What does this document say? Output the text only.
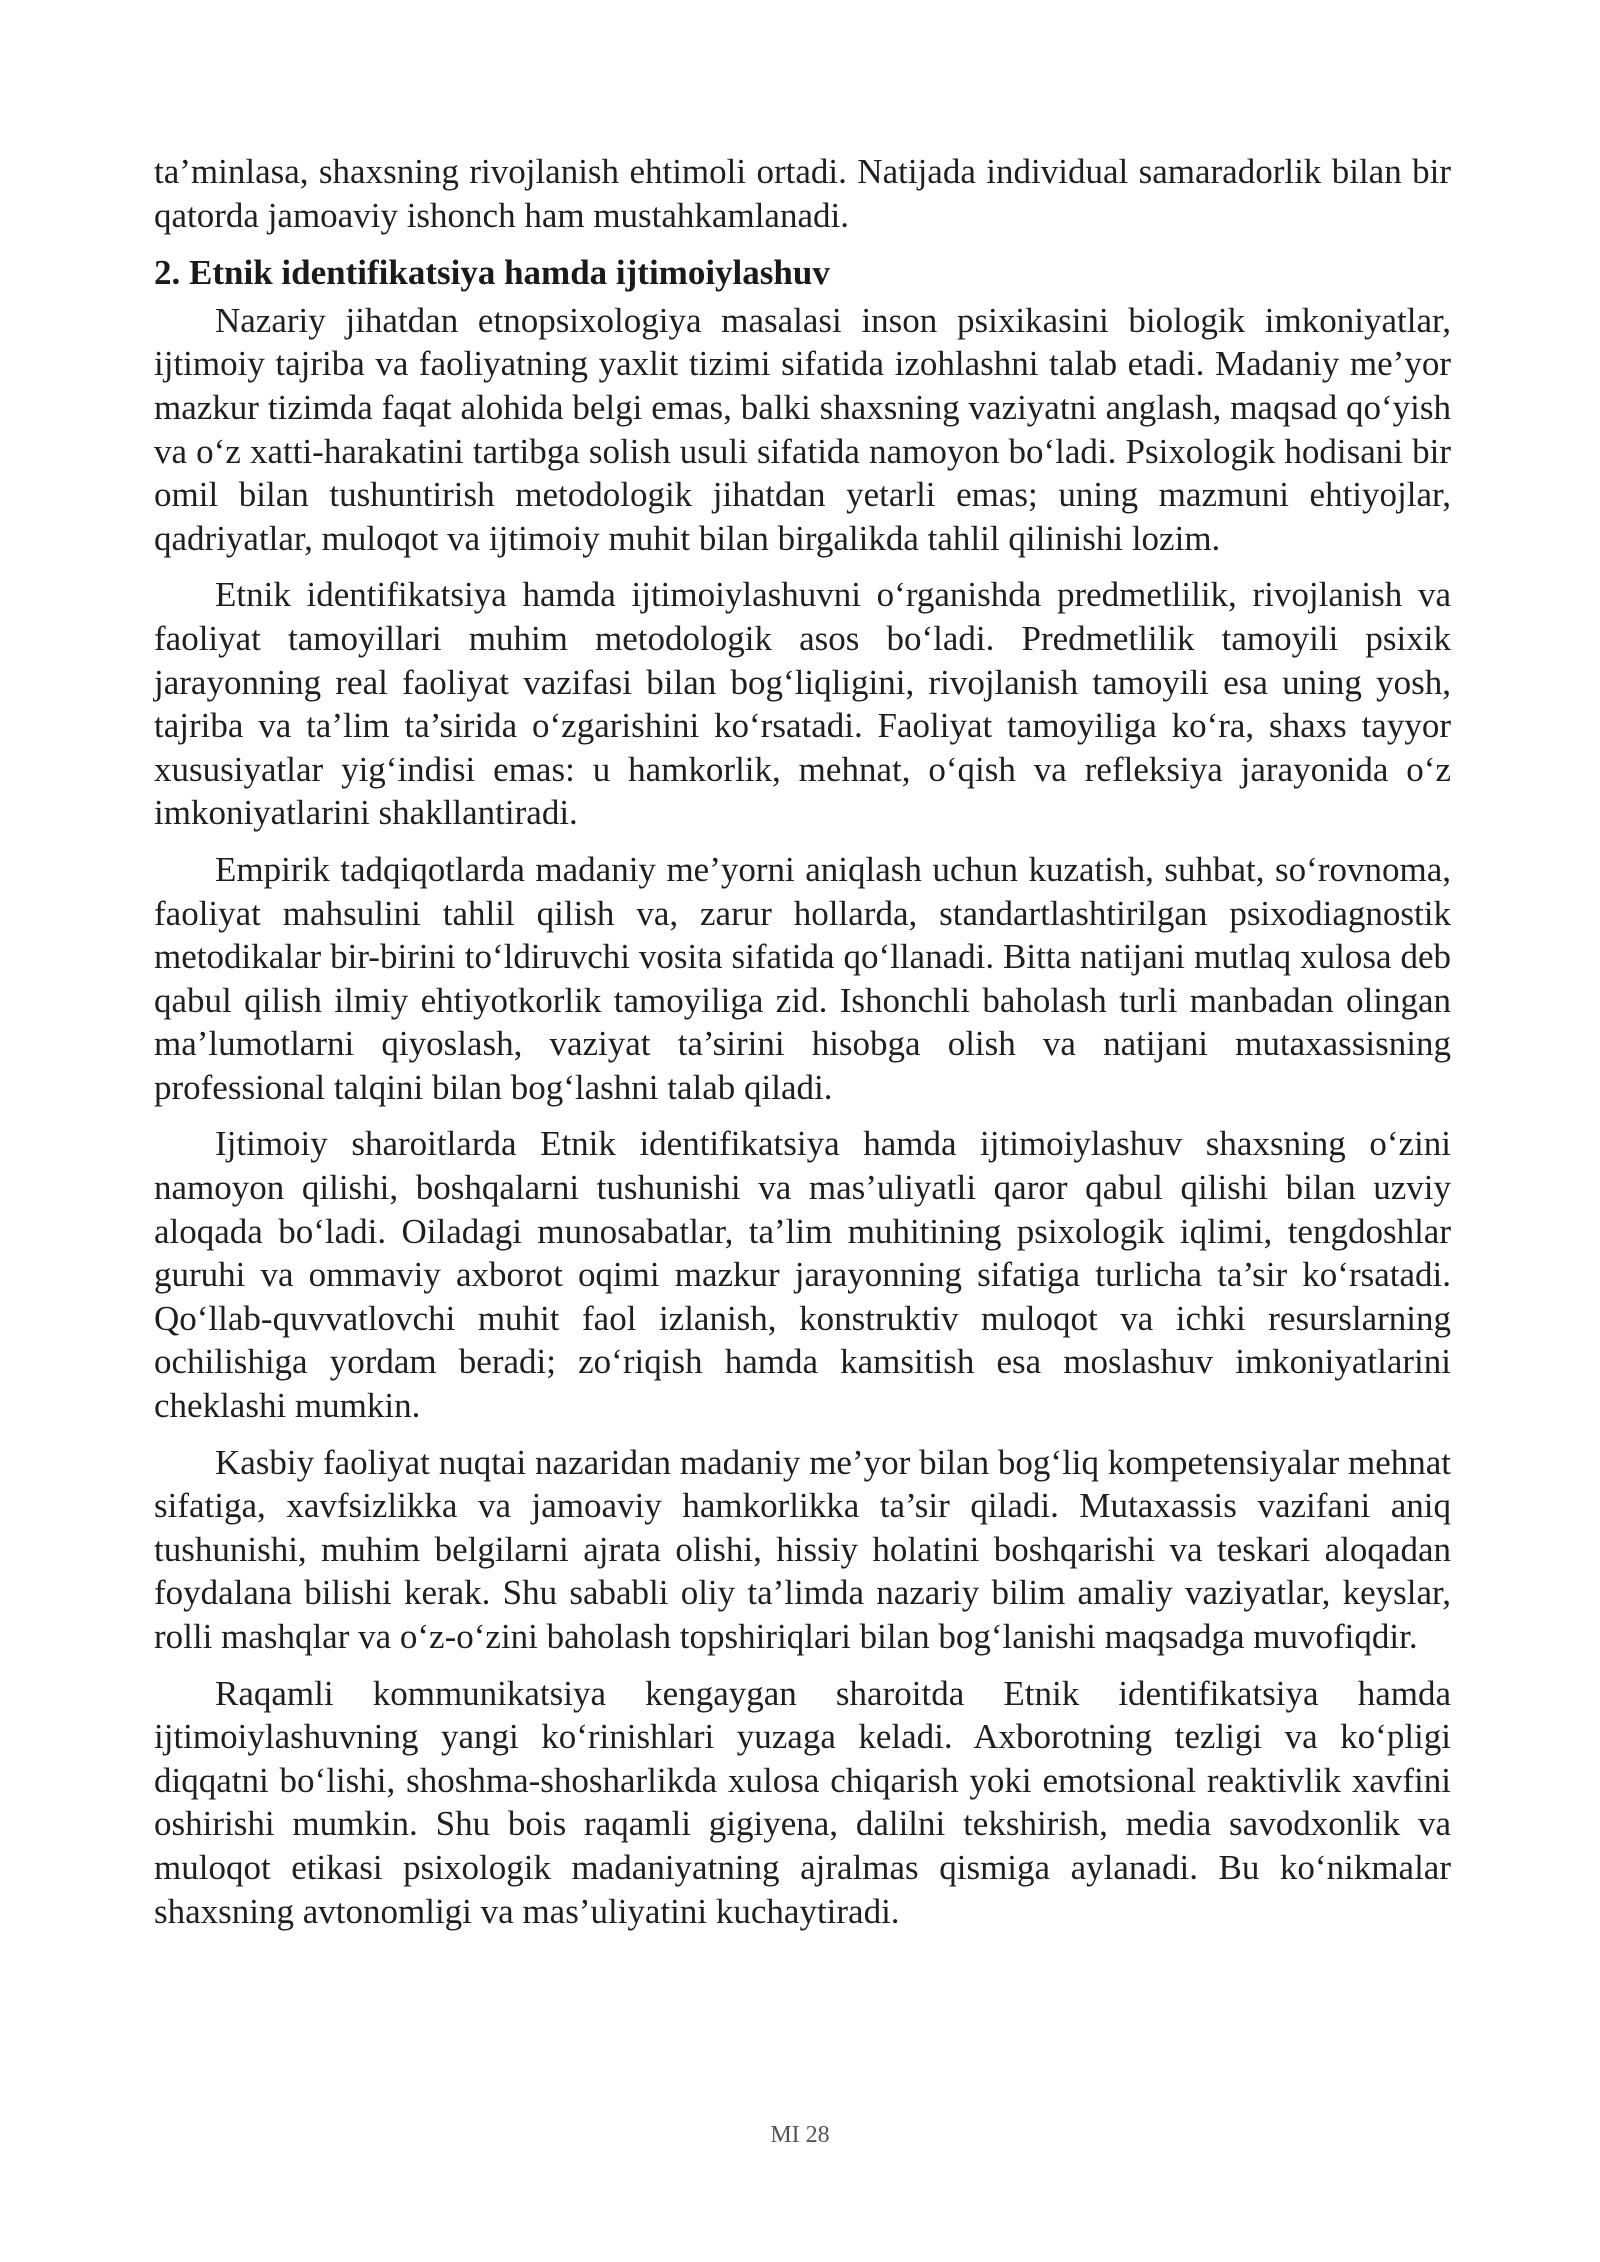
ta’minlasa, shaxsning rivojlanish ehtimoli ortadi. Natijada individual samaradorlik bilan bir qatorda jamoaviy ishonch ham mustahkamlanadi.

2. Etnik identifikatsiya hamda ijtimoiylashuv

Nazariy jihatdan etnopsixologiya masalasi inson psixikasini biologik imkoniyatlar, ijtimoiy tajriba va faoliyatning yaxlit tizimi sifatida izohlashni talab etadi. Madaniy me’yor mazkur tizimda faqat alohida belgi emas, balki shaxsning vaziyatni anglash, maqsad qo‘yish va o‘z xatti-harakatini tartibga solish usuli sifatida namoyon bo‘ladi. Psixologik hodisani bir omil bilan tushuntirish metodologik jihatdan yetarli emas; uning mazmuni ehtiyojlar, qadriyatlar, muloqot va ijtimoiy muhit bilan birgalikda tahlil qilinishi lozim.

Etnik identifikatsiya hamda ijtimoiylashuvni o‘rganishda predmetlilik, rivojlanish va faoliyat tamoyillari muhim metodologik asos bo‘ladi. Predmetlilik tamoyili psixik jarayonning real faoliyat vazifasi bilan bog‘liqligini, rivojlanish tamoyili esa uning yosh, tajriba va ta’lim ta’sirida o‘zgarishini ko‘rsatadi. Faoliyat tamoyiliga ko‘ra, shaxs tayyor xususiyatlar yig‘indisi emas: u hamkorlik, mehnat, o‘qish va refleksiya jarayonida o‘z imkoniyatlarini shakllantiradi.

Empirik tadqiqotlarda madaniy me’yorni aniqlash uchun kuzatish, suhbat, so‘rovnoma, faoliyat mahsulini tahlil qilish va, zarur hollarda, standartlashtirilgan psixodiagnostik metodikalar bir-birini to‘ldiruvchi vosita sifatida qo‘llanadi. Bitta natijani mutlaq xulosa deb qabul qilish ilmiy ehtiyotkorlik tamoyiliga zid. Ishonchli baholash turli manbadan olingan ma’lumotlarni qiyoslash, vaziyat ta’sirini hisobga olish va natijani mutaxassisning professional talqini bilan bog‘lashni talab qiladi.

Ijtimoiy sharoitlarda Etnik identifikatsiya hamda ijtimoiylashuv shaxsning o‘zini namoyon qilishi, boshqalarni tushunishi va mas’uliyatli qaror qabul qilishi bilan uzviy aloqada bo‘ladi. Oiladagi munosabatlar, ta’lim muhitining psixologik iqlimi, tengdoshlar guruhi va ommaviy axborot oqimi mazkur jarayonning sifatiga turlicha ta’sir ko‘rsatadi. Qo‘llab-quvvatlovchi muhit faol izlanish, konstruktiv muloqot va ichki resurslarning ochilishiga yordam beradi; zo‘riqish hamda kamsitish esa moslashuv imkoniyatlarini cheklashi mumkin.

Kasbiy faoliyat nuqtai nazaridan madaniy me’yor bilan bog‘liq kompetensiyalar mehnat sifatiga, xavfsizlikka va jamoaviy hamkorlikka ta’sir qiladi. Mutaxassis vazifani aniq tushunishi, muhim belgilarni ajrata olishi, hissiy holatini boshqarishi va teskari aloqadan foydalana bilishi kerak. Shu sababli oliy ta’limda nazariy bilim amaliy vaziyatlar, keyslar, rolli mashqlar va o‘z-o‘zini baholash topshiriqlari bilan bog‘lanishi maqsadga muvofiqdir.

Raqamli kommunikatsiya kengaygan sharoitda Etnik identifikatsiya hamda ijtimoiylashuvning yangi ko‘rinishlari yuzaga keladi. Axborotning tezligi va ko‘pligi diqqatni bo‘lishi, shoshma-shosharlikda xulosa chiqarish yoki emotsional reaktivlik xavfini oshirishi mumkin. Shu bois raqamli gigiyena, dalilni tekshirish, media savodxonlik va muloqot etikasi psixologik madaniyatning ajralmas qismiga aylanadi. Bu ko‘nikmalar shaxsning avtonomligi va mas’uliyatini kuchaytiradi.

MI 28
